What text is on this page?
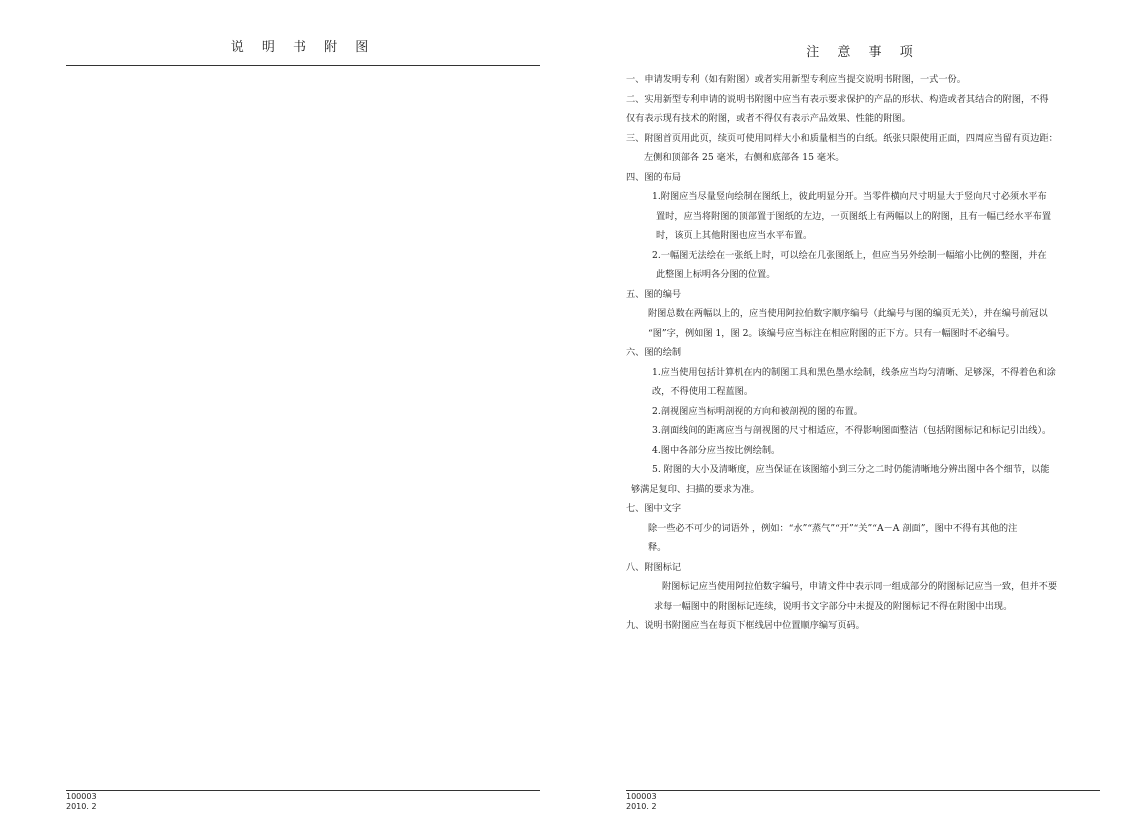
说 明 书 附 图
100003
2010. 2
注 意 事 项

一、申请发明专利（如有附图）或者实用新型专利应当提交说明书附图，一式一份。

二、实用新型专利申请的说明书附图中应当有表示要求保护的产品的形状、构造或者其结合的附图，不得

仅有表示现有技术的附图，或者不得仅有表示产品效果、性能的附图。

三、附图首页用此页，续页可使用同样大小和质量相当的白纸。纸张只限使用正面，四周应当留有页边距：

左侧和顶部各 25 毫米，右侧和底部各 15 毫米。

四、图的布局

1.附图应当尽量竖向绘制在图纸上，彼此明显分开。当零件横向尺寸明显大于竖向尺寸必须水平布

置时，应当将附图的顶部置于图纸的左边，一页图纸上有两幅以上的附图，且有一幅已经水平布置

时，该页上其他附图也应当水平布置。

2.一幅图无法绘在一张纸上时，可以绘在几张图纸上，但应当另外绘制一幅缩小比例的整图，并在

此整图上标明各分图的位置。

五、图的编号

附图总数在两幅以上的，应当使用阿拉伯数字顺序编号（此编号与图的编页无关），并在编号前冠以

“图”字，例如图 1，图 2。该编号应当标注在相应附图的正下方。只有一幅图时不必编号。

六、图的绘制

1.应当使用包括计算机在内的制图工具和黑色墨水绘制，线条应当均匀清晰、足够深，不得着色和涂

改，不得使用工程蓝图。

2.剖视图应当标明剖视的方向和被剖视的图的布置。

3.剖面线间的距离应当与剖视图的尺寸相适应，不得影响图面整洁（包括附图标记和标记引出线）。

4.图中各部分应当按比例绘制。

5. 附图的大小及清晰度，应当保证在该图缩小到三分之二时仍能清晰地分辨出图中各个细节，以能

够满足复印、扫描的要求为准。

七、图中文字

除一些必不可少的词语外 ，例如：“水”“蒸气”“开”“关”“A－A 剖面”，图中不得有其他的注

释。

八、附图标记

附图标记应当使用阿拉伯数字编号，申请文件中表示同一组成部分的附图标记应当一致，但并不要

求每一幅图中的附图标记连续，说明书文字部分中未提及的附图标记不得在附图中出现。

九、说明书附图应当在每页下框线居中位置顺序编写页码。

100003
2010. 2
